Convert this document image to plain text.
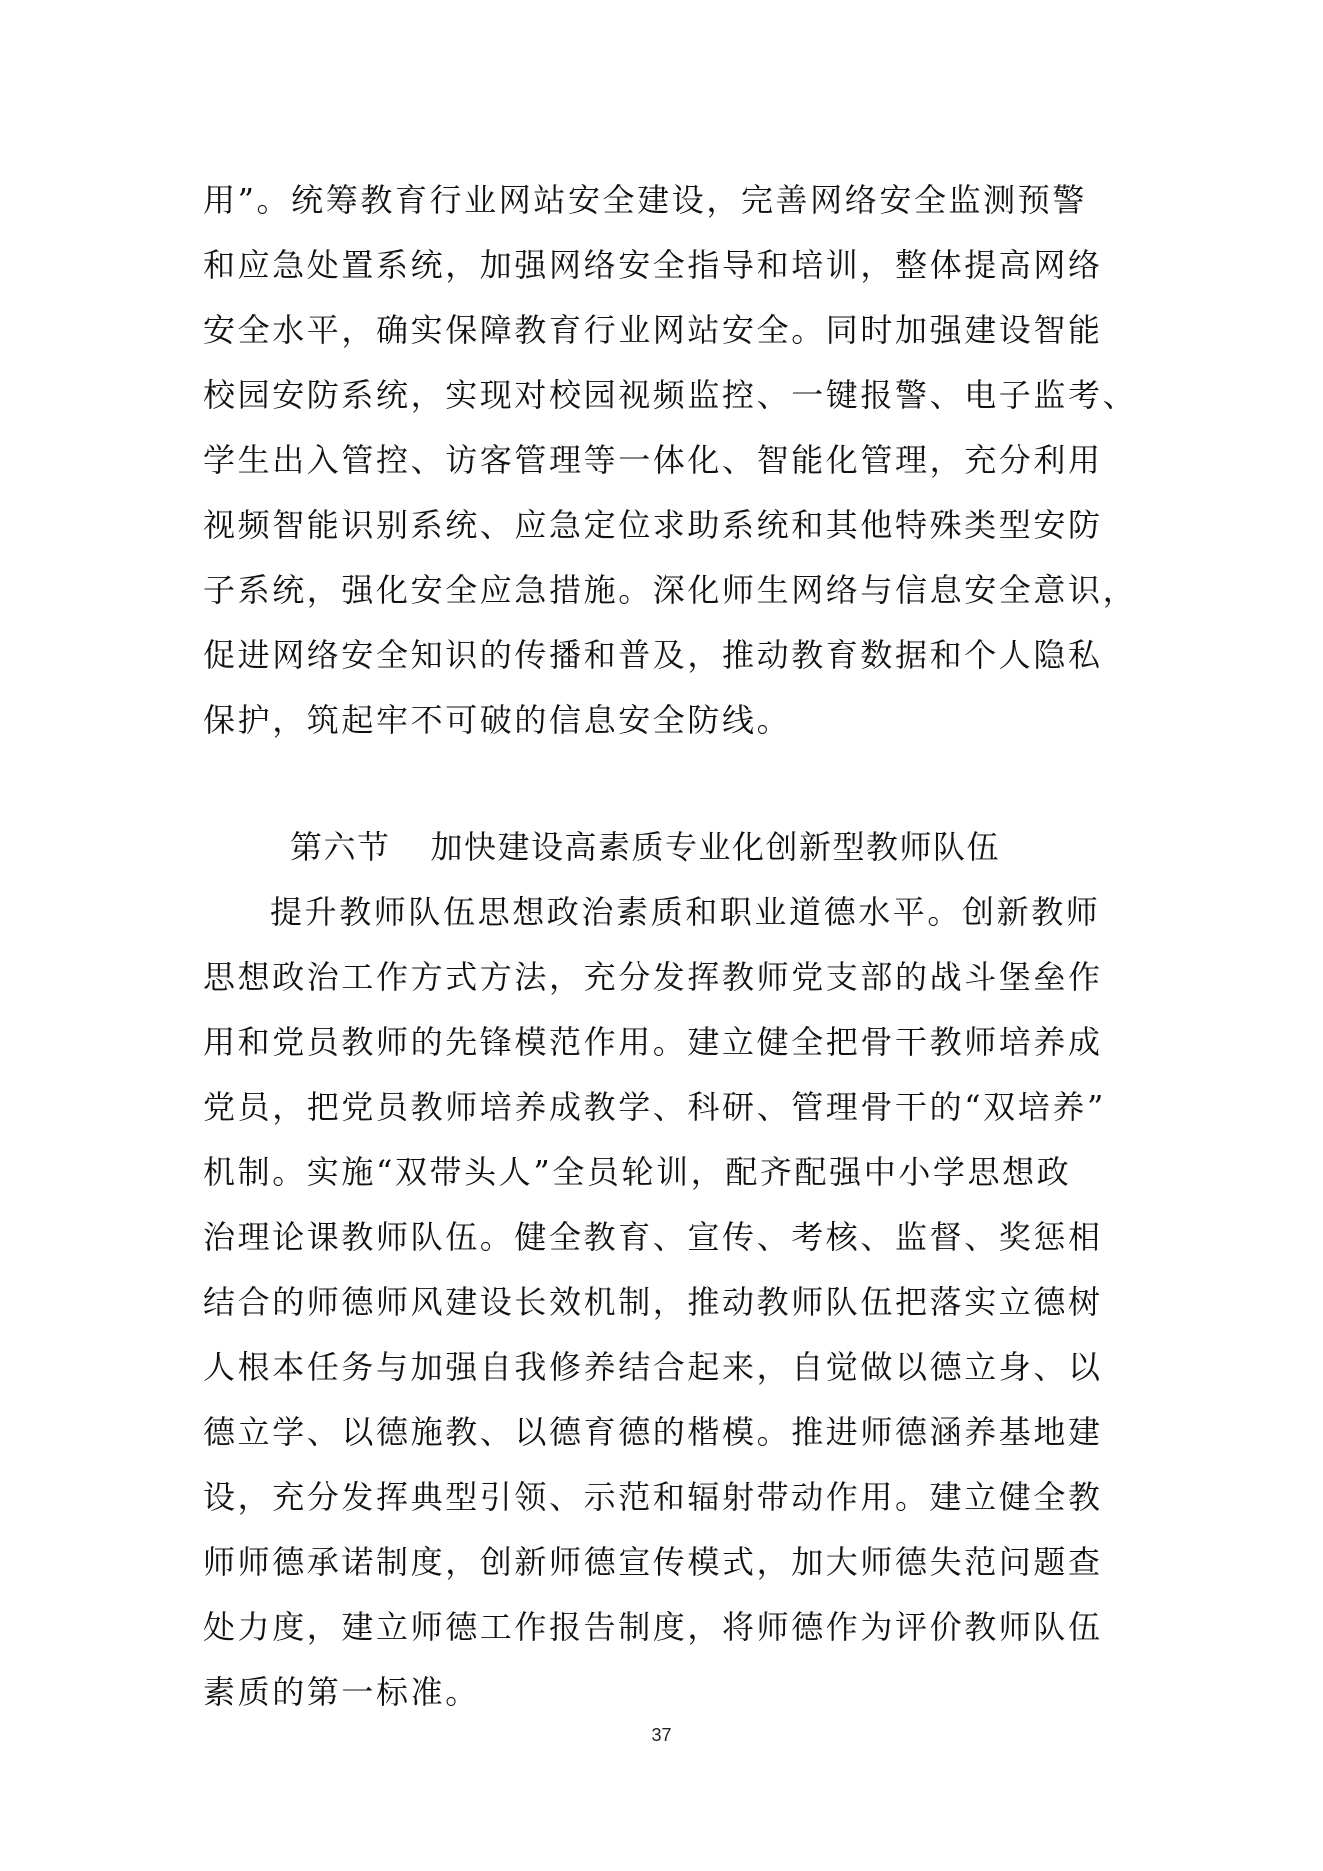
用”。统筹教育行业网站安全建设，完善网络安全监测预警
和应急处置系统，加强网络安全指导和培训，整体提高网络
安全水平，确实保障教育行业网站安全。同时加强建设智能
校园安防系统，实现对校园视频监控、一键报警、电子监考、
学生出入管控、访客管理等一体化、智能化管理，充分利用
视频智能识别系统、应急定位求助系统和其他特殊类型安防
子系统，强化安全应急措施。深化师生网络与信息安全意识，
促进网络安全知识的传播和普及，推动教育数据和个人隐私
保护，筑起牢不可破的信息安全防线。
第六节 加快建设高素质专业化创新型教师队伍
提升教师队伍思想政治素质和职业道德水平。创新教师
思想政治工作方式方法，充分发挥教师党支部的战斗堡垒作
用和党员教师的先锋模范作用。建立健全把骨干教师培养成
党员，把党员教师培养成教学、科研、管理骨干的“双培养”
机制。实施“双带头人”全员轮训，配齐配强中小学思想政
治理论课教师队伍。健全教育、宣传、考核、监督、奖惩相
结合的师德师风建设长效机制，推动教师队伍把落实立德树
人根本任务与加强自我修养结合起来，自觉做以德立身、以
德立学、以德施教、以德育德的楷模。推进师德涵养基地建
设，充分发挥典型引领、示范和辐射带动作用。建立健全教
师师德承诺制度，创新师德宣传模式，加大师德失范问题查
处力度，建立师德工作报告制度，将师德作为评价教师队伍
素质的第一标准。
37
